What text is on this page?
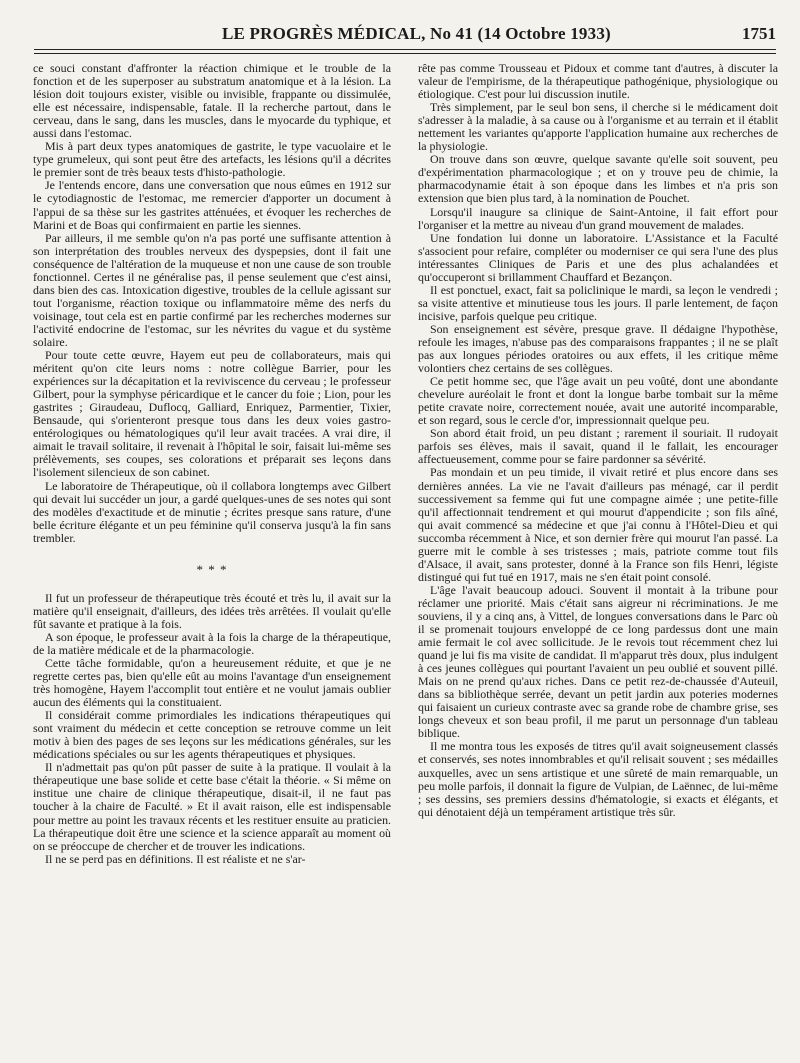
LE PROGRÈS MÉDICAL, No 41 (14 Octobre 1933)	1751

ce souci constant d'affronter la réaction chimique et le trouble de la fonction et de les superposer au substratum anatomique et à la lésion. La lésion doit toujours exister, visible ou invisible, frappante ou dissimulée, elle est nécessaire, indispensable, fatale. Il la recherche partout, dans le cerveau, dans le sang, dans les muscles, dans le myocarde du typhique, et aussi dans l'estomac.

Mis à part deux types anatomiques de gastrite, le type vacuolaire et le type grumeleux, qui sont peut être des artefacts, les lésions qu'il a décrites le premier sont de très beaux tests d'histo-pathologie.

Je l'entends encore, dans une conversation que nous eûmes en 1912 sur le cytodiagnostic de l'estomac, me remercier d'apporter un document à l'appui de sa thèse sur les gastrites atténuées, et évoquer les recherches de Marini et de Boas qui confirmaient en partie les siennes.

Par ailleurs, il me semble qu'on n'a pas porté une suffisante attention à son interprétation des troubles nerveux des dyspepsies, dont il fait une conséquence de l'altération de la muqueuse et non une cause de son trouble fonctionnel. Certes il ne généralise pas, il pense seulement que c'est ainsi, dans bien des cas. Intoxication digestive, troubles de la cellule agissant sur tout l'organisme, réaction toxique ou inflammatoire même des nerfs du voisinage, tout cela est en partie confirmé par les recherches modernes sur l'activité endocrine de l'estomac, sur les névrites du vague et du système solaire.

Pour toute cette œuvre, Hayem eut peu de collaborateurs, mais qui méritent qu'on cite leurs noms : notre collègue Barrier, pour les expériences sur la décapitation et la reviviscence du cerveau ; le professeur Gilbert, pour la symphyse péricardique et le cancer du foie ; Lion, pour les gastrites ; Giraudeau, Duflocq, Galliard, Enriquez, Parmentier, Tixier, Bensaude, qui s'orienteront presque tous dans les deux voies gastro-entérologiques ou hématologiques qu'il leur avait tracées. A vrai dire, il aimait le travail solitaire, il revenait à l'hôpital le soir, faisait lui-même ses prélèvements, ses coupes, ses colorations et préparait ses leçons dans l'isolement silencieux de son cabinet.

Le laboratoire de Thérapeutique, où il collabora longtemps avec Gilbert qui devait lui succéder un jour, a gardé quelques-unes de ses notes qui sont des modèles d'exactitude et de minutie ; écrites presque sans rature, d'une belle écriture élégante et un peu féminine qu'il conserva jusqu'à la fin sans trembler.

* * *

Il fut un professeur de thérapeutique très écouté et très lu, il avait sur la matière qu'il enseignait, d'ailleurs, des idées très arrêtées. Il voulait qu'elle fût savante et pratique à la fois.

A son époque, le professeur avait à la fois la charge de la thérapeutique, de la matière médicale et de la pharmacologie.

Cette tâche formidable, qu'on a heureusement réduite, et que je ne regrette certes pas, bien qu'elle eût au moins l'avantage d'un enseignement très homogène, Hayem l'accomplit tout entière et ne voulut jamais oublier aucun des éléments qui la constituaient.

Il considérait comme primordiales les indications thérapeutiques qui sont vraiment du médecin et cette conception se retrouve comme un leit motiv à bien des pages de ses leçons sur les médications générales, sur les médications spéciales ou sur les agents thérapeutiques et physiques.

Il n'admettait pas qu'on pût passer de suite à la pratique. Il voulait à la thérapeutique une base solide et cette base c'était la théorie. « Si même on institue une chaire de clinique thérapeutique, disait-il, il ne faut pas toucher à la chaire de Faculté. » Et il avait raison, elle est indispensable pour mettre au point les travaux récents et les restituer ensuite au praticien. La thérapeutique doit être une science et la science apparaît au moment où on se préoccupe de chercher et de trouver les indications.

Il ne se perd pas en définitions. Il est réaliste et ne s'ar-

rête pas comme Trousseau et Pidoux et comme tant d'autres, à discuter la valeur de l'empirisme, de la thérapeutique pathogénique, physiologique ou étiologique. C'est pour lui discussion inutile.

Très simplement, par le seul bon sens, il cherche si le médicament doit s'adresser à la maladie, à sa cause ou à l'organisme et au terrain et il établit nettement les variantes qu'apporte l'application humaine aux recherches de la physiologie.

On trouve dans son œuvre, quelque savante qu'elle soit souvent, peu d'expérimentation pharmacologique ; et on y trouve peu de chimie, la pharmacodynamie était à son époque dans les limbes et n'a pris son extension que bien plus tard, à la nomination de Pouchet.

Lorsqu'il inaugure sa clinique de Saint-Antoine, il fait effort pour l'organiser et la mettre au niveau d'un grand mouvement de malades.

Une fondation lui donne un laboratoire. L'Assistance et la Faculté s'associent pour refaire, compléter ou moderniser ce qui sera l'une des plus intéressantes Cliniques de Paris et une des plus achalandées et qu'occuperont si brillamment Chauffard et Bezançon.

Il est ponctuel, exact, fait sa policlinique le mardi, sa leçon le vendredi ; sa visite attentive et minutieuse tous les jours. Il parle lentement, de façon incisive, parfois quelque peu critique.

Son enseignement est sévère, presque grave. Il dédaigne l'hypothèse, refoule les images, n'abuse pas des comparaisons frappantes ; il ne se plaît pas aux longues périodes oratoires ou aux effets, il les critique même volontiers chez certains de ses collègues.

Ce petit homme sec, que l'âge avait un peu voûté, dont une abondante chevelure auréolait le front et dont la longue barbe tombait sur la même petite cravate noire, correctement nouée, avait une autorité incomparable, et son regard, sous le cercle d'or, impressionnait quelque peu.

Son abord était froid, un peu distant ; rarement il souriait. Il rudoyait parfois ses élèves, mais il savait, quand il le fallait, les encourager affectueusement, comme pour se faire pardonner sa sévérité.

Pas mondain et un peu timide, il vivait retiré et plus encore dans ses dernières années. La vie ne l'avait d'ailleurs pas ménagé, car il perdit successivement sa femme qui fut une compagne aimée ; une petite-fille qu'il affectionnait tendrement et qui mourut d'appendicite ; son fils aîné, qui avait commencé sa médecine et que j'ai connu à l'Hôtel-Dieu et qui succomba récemment à Nice, et son dernier frère qui mourut l'an passé. La guerre mit le comble à ses tristesses ; mais, patriote comme tout fils d'Alsace, il avait, sans protester, donné à la France son fils Henri, légiste distingué qui fut tué en 1917, mais ne s'en était point consolé.

L'âge l'avait beaucoup adouci. Souvent il montait à la tribune pour réclamer une priorité. Mais c'était sans aigreur ni récriminations. Je me souviens, il y a cinq ans, à Vittel, de longues conversations dans le Parc où il se promenait toujours enveloppé de ce long pardessus dont une main amie fermait le col avec sollicitude. Je le revois tout récemment chez lui quand je lui fis ma visite de candidat. Il m'apparut très doux, plus indulgent à ces jeunes collègues qui pourtant l'avaient un peu oublié et souvent pillé. Mais on ne prend qu'aux riches. Dans ce petit rez-de-chaussée d'Auteuil, dans sa bibliothèque serrée, devant un petit jardin aux poteries modernes qui faisaient un curieux contraste avec sa grande robe de chambre grise, ses longs cheveux et son beau profil, il me parut un personnage d'un tableau biblique.

Il me montra tous les exposés de titres qu'il avait soigneusement classés et conservés, ses notes innombrables et qu'il relisait souvent ; ses médailles auxquelles, avec un sens artistique et une sûreté de main remarquable, un peu molle parfois, il donnait la figure de Vulpian, de Laënnec, de lui-même ; ses dessins, ses premiers dessins d'hématologie, si exacts et élégants, et qui dénotaient déjà un tempérament artistique très sûr.
